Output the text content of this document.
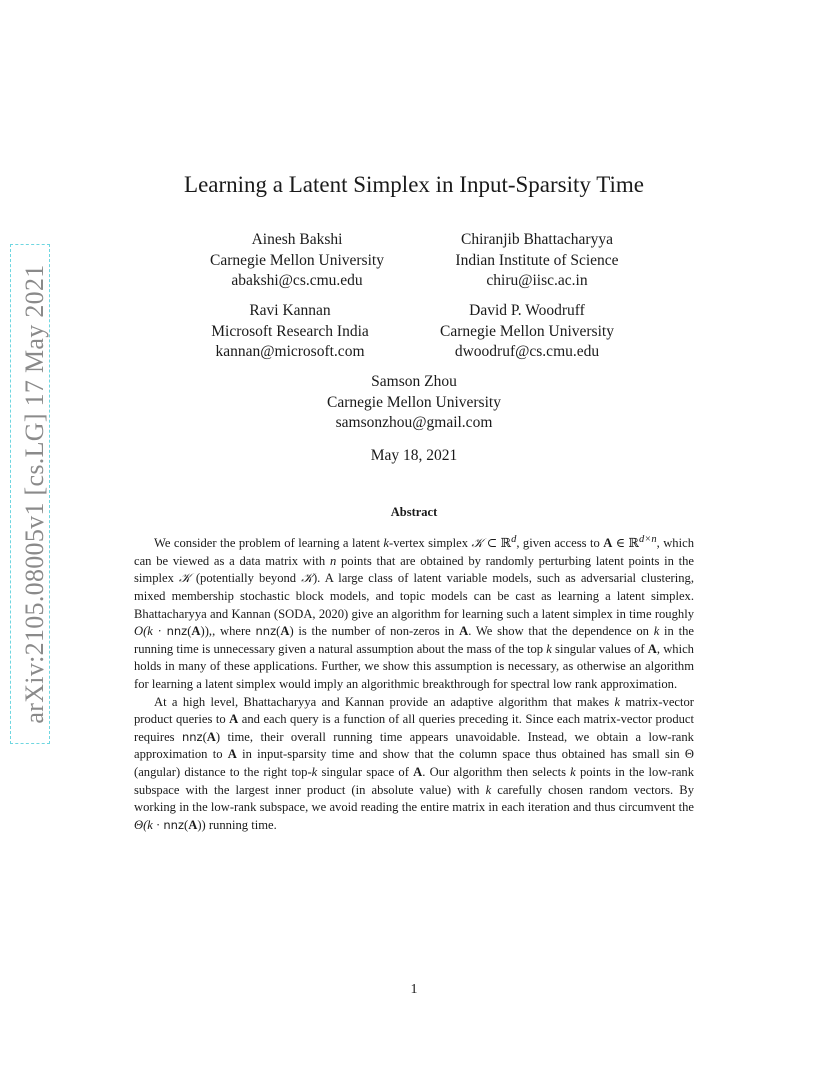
arXiv:2105.08005v1 [cs.LG] 17 May 2021
Learning a Latent Simplex in Input-Sparsity Time
Ainesh Bakshi
Carnegie Mellon University
abakshi@cs.cmu.edu
Chiranjib Bhattacharyya
Indian Institute of Science
chiru@iisc.ac.in
Ravi Kannan
Microsoft Research India
kannan@microsoft.com
David P. Woodruff
Carnegie Mellon University
dwoodruf@cs.cmu.edu
Samson Zhou
Carnegie Mellon University
samsonzhou@gmail.com
May 18, 2021
Abstract

We consider the problem of learning a latent k-vertex simplex 𝒦 ⊂ ℝ$^d$, given access to A ∈ ℝ$^{d\times n}$, which can be viewed as a data matrix with n points that are obtained by randomly perturbing latent points in the simplex 𝒦 (potentially beyond 𝒦). A large class of latent variable models, such as adversarial clustering, mixed membership stochastic block models, and topic models can be cast as learning a latent simplex. Bhattacharyya and Kannan (SODA, 2020) give an algorithm for learning such a latent simplex in time roughly O(k · nnz(A)),, where nnz(A) is the number of non-zeros in A. We show that the dependence on k in the running time is unnecessary given a natural assumption about the mass of the top k singular values of A, which holds in many of these applications. Further, we show this assumption is necessary, as otherwise an algorithm for learning a latent simplex would imply an algorithmic breakthrough for spectral low rank approximation.

At a high level, Bhattacharyya and Kannan provide an adaptive algorithm that makes k matrix-vector product queries to A and each query is a function of all queries preceding it. Since each matrix-vector product requires nnz(A) time, their overall running time appears unavoidable. Instead, we obtain a low-rank approximation to A in input-sparsity time and show that the column space thus obtained has small sin Θ (angular) distance to the right top-k singular space of A. Our algorithm then selects k points in the low-rank subspace with the largest inner product (in absolute value) with k carefully chosen random vectors. By working in the low-rank subspace, we avoid reading the entire matrix in each iteration and thus circumvent the Θ(k · nnz(A)) running time.

1
